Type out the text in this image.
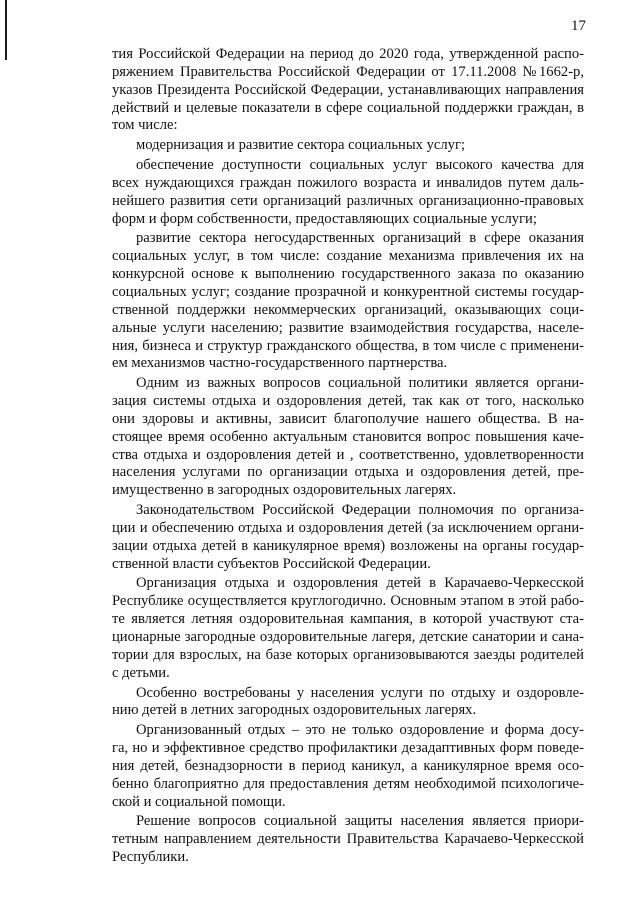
17

тия Российской Федерации на период до 2020 года, утвержденной распо-
ряжением Правительства Российской Федерации от 17.11.2008 №1662-р,
указов Президента Российской Федерации, устанавливающих направления
действий и целевые показатели в сфере социальной поддержки граждан, в
том числе:

модернизация и развитие сектора социальных услуг;

обеспечение доступности социальных услуг высокого качества для
всех нуждающихся граждан пожилого возраста и инвалидов путем даль-
нейшего развития сети организаций различных организационно-правовых
форм и форм собственности, предоставляющих социальные услуги;

развитие сектора негосударственных организаций в сфере оказания
социальных услуг, в том числе: создание механизма привлечения их на
конкурсной основе к выполнению государственного заказа по оказанию
социальных услуг; создание прозрачной и конкурентной системы государ-
ственной поддержки некоммерческих организаций, оказывающих соци-
альные услуги населению; развитие взаимодействия государства, населе-
ния, бизнеса и структур гражданского общества, в том числе с применени-
ем механизмов частно-государственного партнерства.

Одним из важных вопросов социальной политики является органи-
зация системы отдыха и оздоровления детей, так как от того, насколько
они здоровы и активны, зависит благополучие нашего общества. В на-
стоящее время особенно актуальным становится вопрос повышения каче-
ства отдыха и оздоровления детей и , соответственно, удовлетворенности
населения услугами по организации отдыха и оздоровления детей, пре-
имущественно в загородных оздоровительных лагерях.

Законодательством Российской Федерации полномочия по организа-
ции и обеспечению отдыха и оздоровления детей (за исключением органи-
зации отдыха детей в каникулярное время) возложены на органы государ-
ственной власти субъектов Российской Федерации.

Организация отдыха и оздоровления детей в Карачаево-Черкесской
Республике осуществляется круглогодично. Основным этапом в этой рабо-
те является летняя оздоровительная кампания, в которой участвуют ста-
ционарные загородные оздоровительные лагеря, детские санатории и сана-
тории для взрослых, на базе которых организовываются заезды родителей
с детьми.

Особенно востребованы у населения услуги по отдыху и оздоровле-
нию детей в летних загородных оздоровительных лагерях.

Организованный отдых – это не только оздоровление и форма досу-
га, но и эффективное средство профилактики дезадаптивных форм поведе-
ния детей, безнадзорности в период каникул, а каникулярное время осо-
бенно благоприятно для предоставления детям необходимой психологиче-
ской и социальной помощи.

Решение вопросов социальной защиты населения является приори-
тетным направлением деятельности Правительства Карачаево-Черкесской
Республики.
